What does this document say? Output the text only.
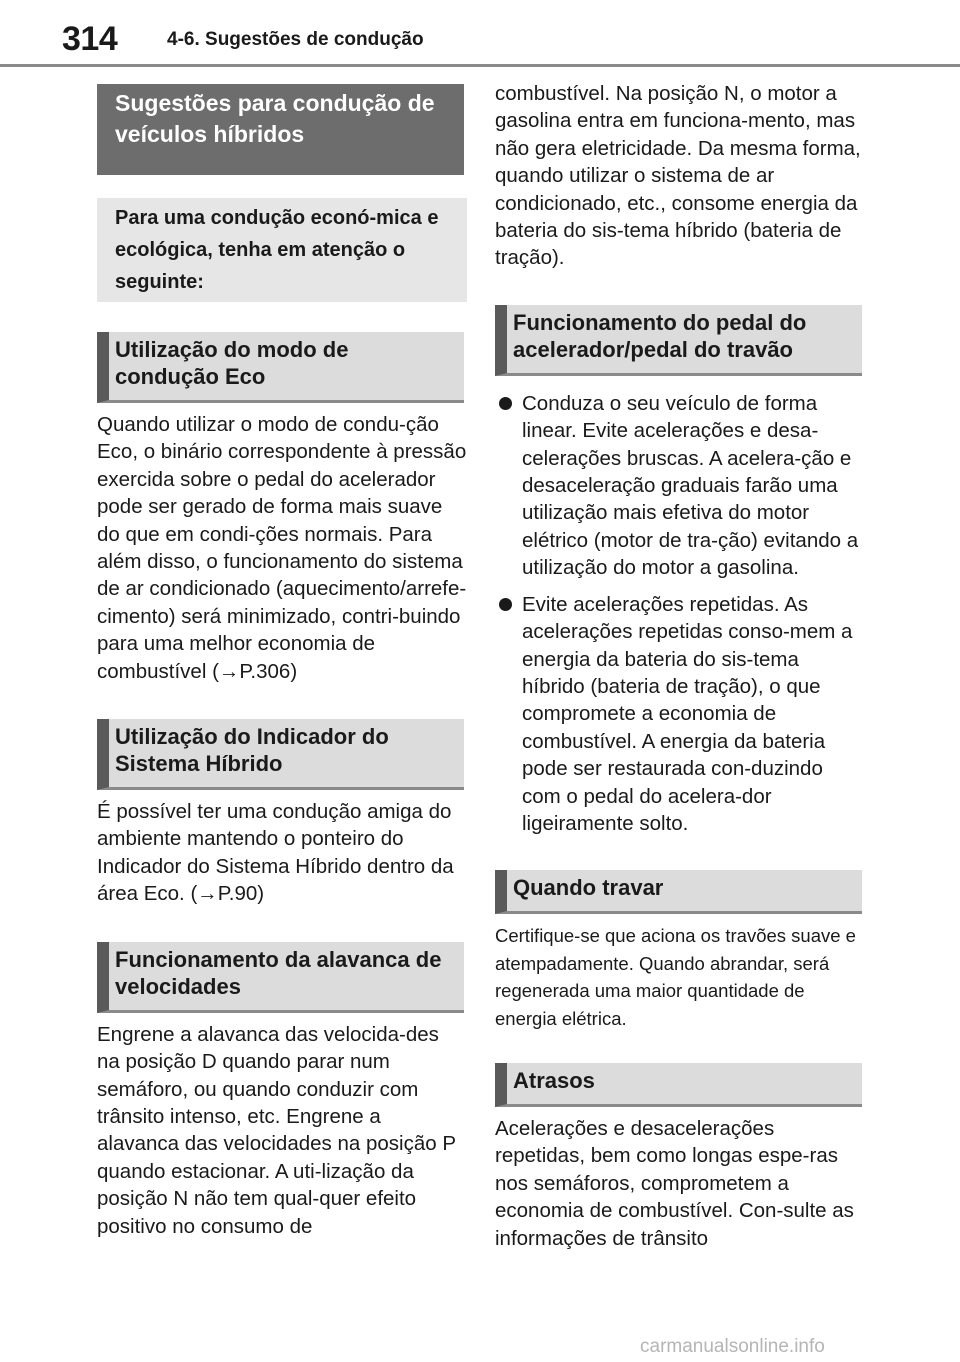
314	4-6. Sugestões de condução
Sugestões para condução de veículos híbridos
Para uma condução econó-mica e ecológica, tenha em atenção o seguinte:
Utilização do modo de condução Eco

Quando utilizar o modo de condu-ção Eco, o binário correspondente à pressão exercida sobre o pedal do acelerador pode ser gerado de forma mais suave do que em condi-ções normais. Para além disso, o funcionamento do sistema de ar condicionado (aquecimento/arrefe-cimento) será minimizado, contri-buindo para uma melhor economia de combustível (→P.306)

Utilização do Indicador do Sistema Híbrido

É possível ter uma condução amiga do ambiente mantendo o ponteiro do Indicador do Sistema Híbrido dentro da área Eco. (→P.90)

Funcionamento da alavanca de velocidades

Engrene a alavanca das velocida-des na posição D quando parar num semáforo, ou quando conduzir com trânsito intenso, etc. Engrene a alavanca das velocidades na posição P quando estacionar. A uti-lização da posição N não tem qual-quer efeito positivo no consumo de

combustível. Na posição N, o motor a gasolina entra em funciona-mento, mas não gera eletricidade. Da mesma forma, quando utilizar o sistema de ar condicionado, etc., consome energia da bateria do sis-tema híbrido (bateria de tração).

Funcionamento do pedal do acelerador/pedal do travão
Conduza o seu veículo de forma linear. Evite acelerações e desa-celerações bruscas. A acelera-ção e desaceleração graduais farão uma utilização mais efetiva do motor elétrico (motor de tra-ção) evitando a utilização do motor a gasolina.
Evite acelerações repetidas. As acelerações repetidas conso-mem a energia da bateria do sis-tema híbrido (bateria de tração), o que compromete a economia de combustível. A energia da bateria pode ser restaurada con-duzindo com o pedal do acelera-dor ligeiramente solto.
Quando travar

Certifique-se que aciona os travões suave e atempadamente. Quando abrandar, será regenerada uma maior quantidade de energia elétrica.

Atrasos

Acelerações e desacelerações repetidas, bem como longas espe-ras nos semáforos, comprometem a economia de combustível. Con-sulte as informações de trânsito

carmanualsonline.info
